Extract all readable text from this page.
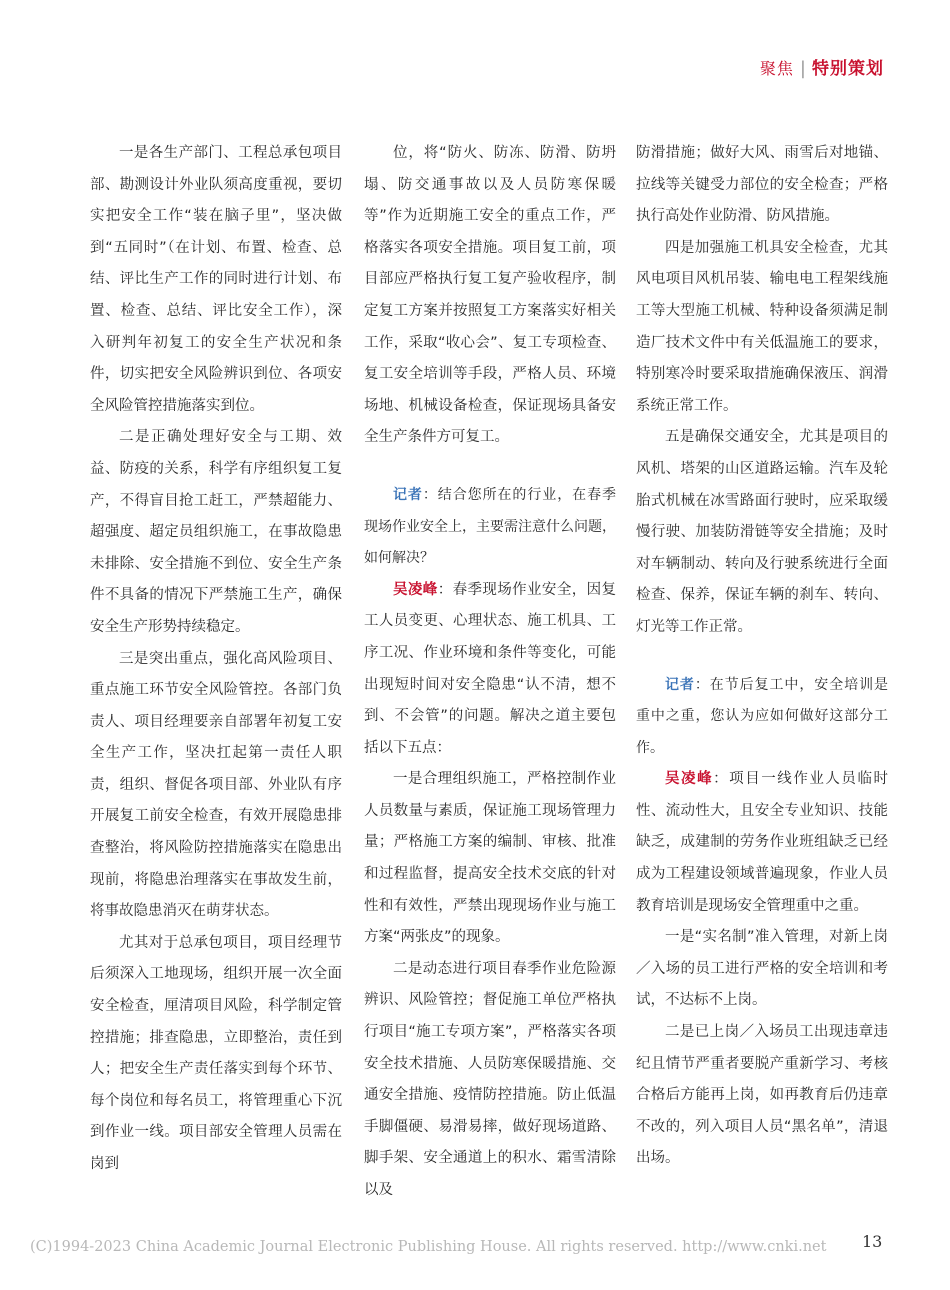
聚焦 | 特别策划

一是各生产部门、工程总承包项目部、勘测设计外业队须高度重视，要切实把安全工作“装在脑子里”，坚决做到“五同时”（在计划、布置、检查、总结、评比生产工作的同时进行计划、布置、检查、总结、评比安全工作），深入研判年初复工的安全生产状况和条件，切实把安全风险辨识到位、各项安全风险管控措施落实到位。

二是正确处理好安全与工期、效益、防疫的关系，科学有序组织复工复产，不得盲目抢工赶工，严禁超能力、超强度、超定员组织施工，在事故隐患未排除、安全措施不到位、安全生产条件不具备的情况下严禁施工生产，确保安全生产形势持续稳定。

三是突出重点，强化高风险项目、重点施工环节安全风险管控。各部门负责人、项目经理要亲自部署年初复工安全生产工作，坚决扛起第一责任人职责，组织、督促各项目部、外业队有序开展复工前安全检查，有效开展隐患排查整治，将风险防控措施落实在隐患出现前，将隐患治理落实在事故发生前，将事故隐患消灭在萌芽状态。

尤其对于总承包项目，项目经理节后须深入工地现场，组织开展一次全面安全检查，厘清项目风险，科学制定管控措施；排查隐患，立即整治，责任到人；把安全生产责任落实到每个环节、每个岗位和每名员工，将管理重心下沉到作业一线。项目部安全管理人员需在岗到

位，将“防火、防冻、防滑、防坍塌、防交通事故以及人员防寒保暖等”作为近期施工安全的重点工作，严格落实各项安全措施。项目复工前，项目部应严格执行复工复产验收程序，制定复工方案并按照复工方案落实好相关工作，采取“收心会”、复工专项检查、复工安全培训等手段，严格人员、环境场地、机械设备检查，保证现场具备安全生产条件方可复工。

记者：结合您所在的行业，在春季现场作业安全上，主要需注意什么问题，如何解决？

吴凌峰：春季现场作业安全，因复工人员变更、心理状态、施工机具、工序工况、作业环境和条件等变化，可能出现短时间对安全隐患“认不清，想不到、不会管”的问题。解决之道主要包括以下五点：

一是合理组织施工，严格控制作业人员数量与素质，保证施工现场管理力量；严格施工方案的编制、审核、批准和过程监督，提高安全技术交底的针对性和有效性，严禁出现现场作业与施工方案“两张皮”的现象。

二是动态进行项目春季作业危险源辨识、风险管控；督促施工单位严格执行项目“施工专项方案”，严格落实各项安全技术措施、人员防寒保暖措施、交通安全措施、疫情防控措施。防止低温手脚僵硬、易滑易摔，做好现场道路、脚手架、安全通道上的积水、霜雪清除以及

防滑措施；做好大风、雨雪后对地锚、拉线等关键受力部位的安全检查；严格执行高处作业防滑、防风措施。

四是加强施工机具安全检查，尤其风电项目风机吊装、输电电工程架线施工等大型施工机械、特种设备须满足制造厂技术文件中有关低温施工的要求，特别寒冷时要采取措施确保液压、润滑系统正常工作。

五是确保交通安全，尤其是项目的风机、塔架的山区道路运输。汽车及轮胎式机械在冰雪路面行驶时，应采取缓慢行驶、加装防滑链等安全措施；及时对车辆制动、转向及行驶系统进行全面检查、保养，保证车辆的刹车、转向、灯光等工作正常。

记者：在节后复工中，安全培训是重中之重，您认为应如何做好这部分工作。

吴凌峰：项目一线作业人员临时性、流动性大，且安全专业知识、技能缺乏，成建制的劳务作业班组缺乏已经成为工程建设领域普遍现象，作业人员教育培训是现场安全管理重中之重。

一是“实名制”准入管理，对新上岗／入场的员工进行严格的安全培训和考试，不达标不上岗。

二是已上岗／入场员工出现违章违纪且情节严重者要脱产重新学习、考核合格后方能再上岗，如再教育后仍违章不改的，列入项目人员“黑名单”，清退出场。

(C)1994-2023 China Academic Journal Electronic Publishing House. All rights reserved. http://www.cnki.net 13
